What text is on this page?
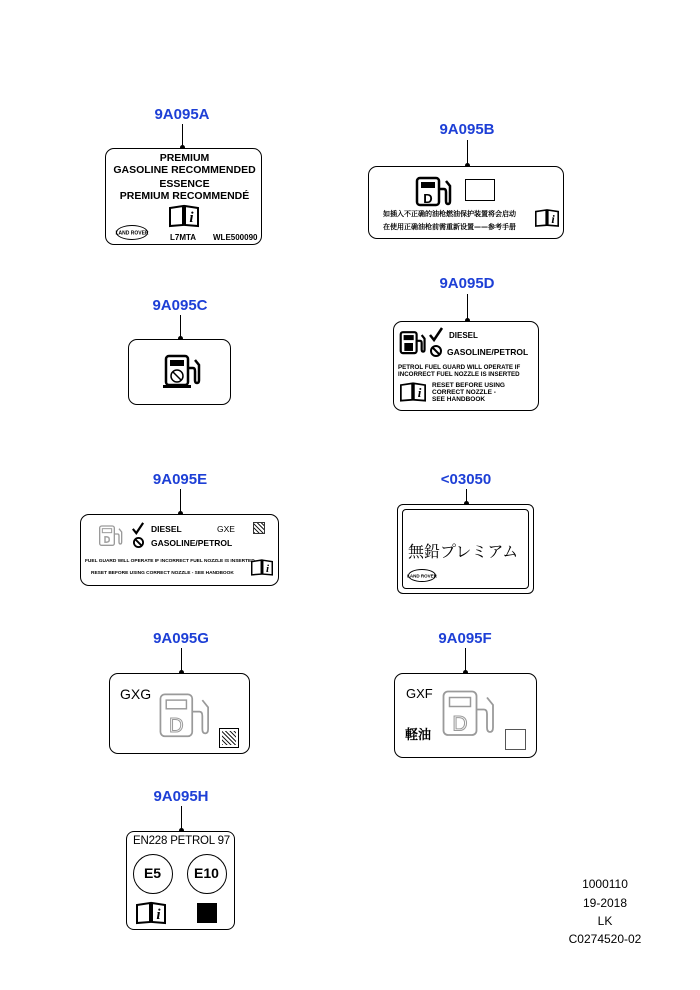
9A095A
PREMIUM
GASOLINE RECOMMENDED
ESSENCE
PREMIUM RECOMMENDÉ
i
LAND ROVER	L7MTA WLE500090
9A095B
D
如插入不正确的油枪燃油保护装置将会启动
在使用正确油枪前需重新设置——参考手册
i
9A095C
9A095D
DIESEL
GASOLINE/PETROL
PETROL FUEL GUARD WILL OPERATE IF
INCORRECT FUEL NOZZLE IS INSERTED
i RESET BEFORE USING
CORRECT NOZZLE -
SEE HANDBOOK
9A095E
D
DIESEL	GXE
GASOLINE/PETROL
FUEL GUARD WILL OPERATE IF INCORRECT FUEL NOZZLE IS INSERTED
RESET BEFORE USING CORRECT NOZZLE - SEE HANDBOOK i
<03050
無鉛プレミアム
LAND ROVER
9A095G
GXG
D
9A095F
GXF
軽油 D
9A095H
EN228 PETROL 97
E5	E10
i
1000110
19-2018
LK
C0274520-02
